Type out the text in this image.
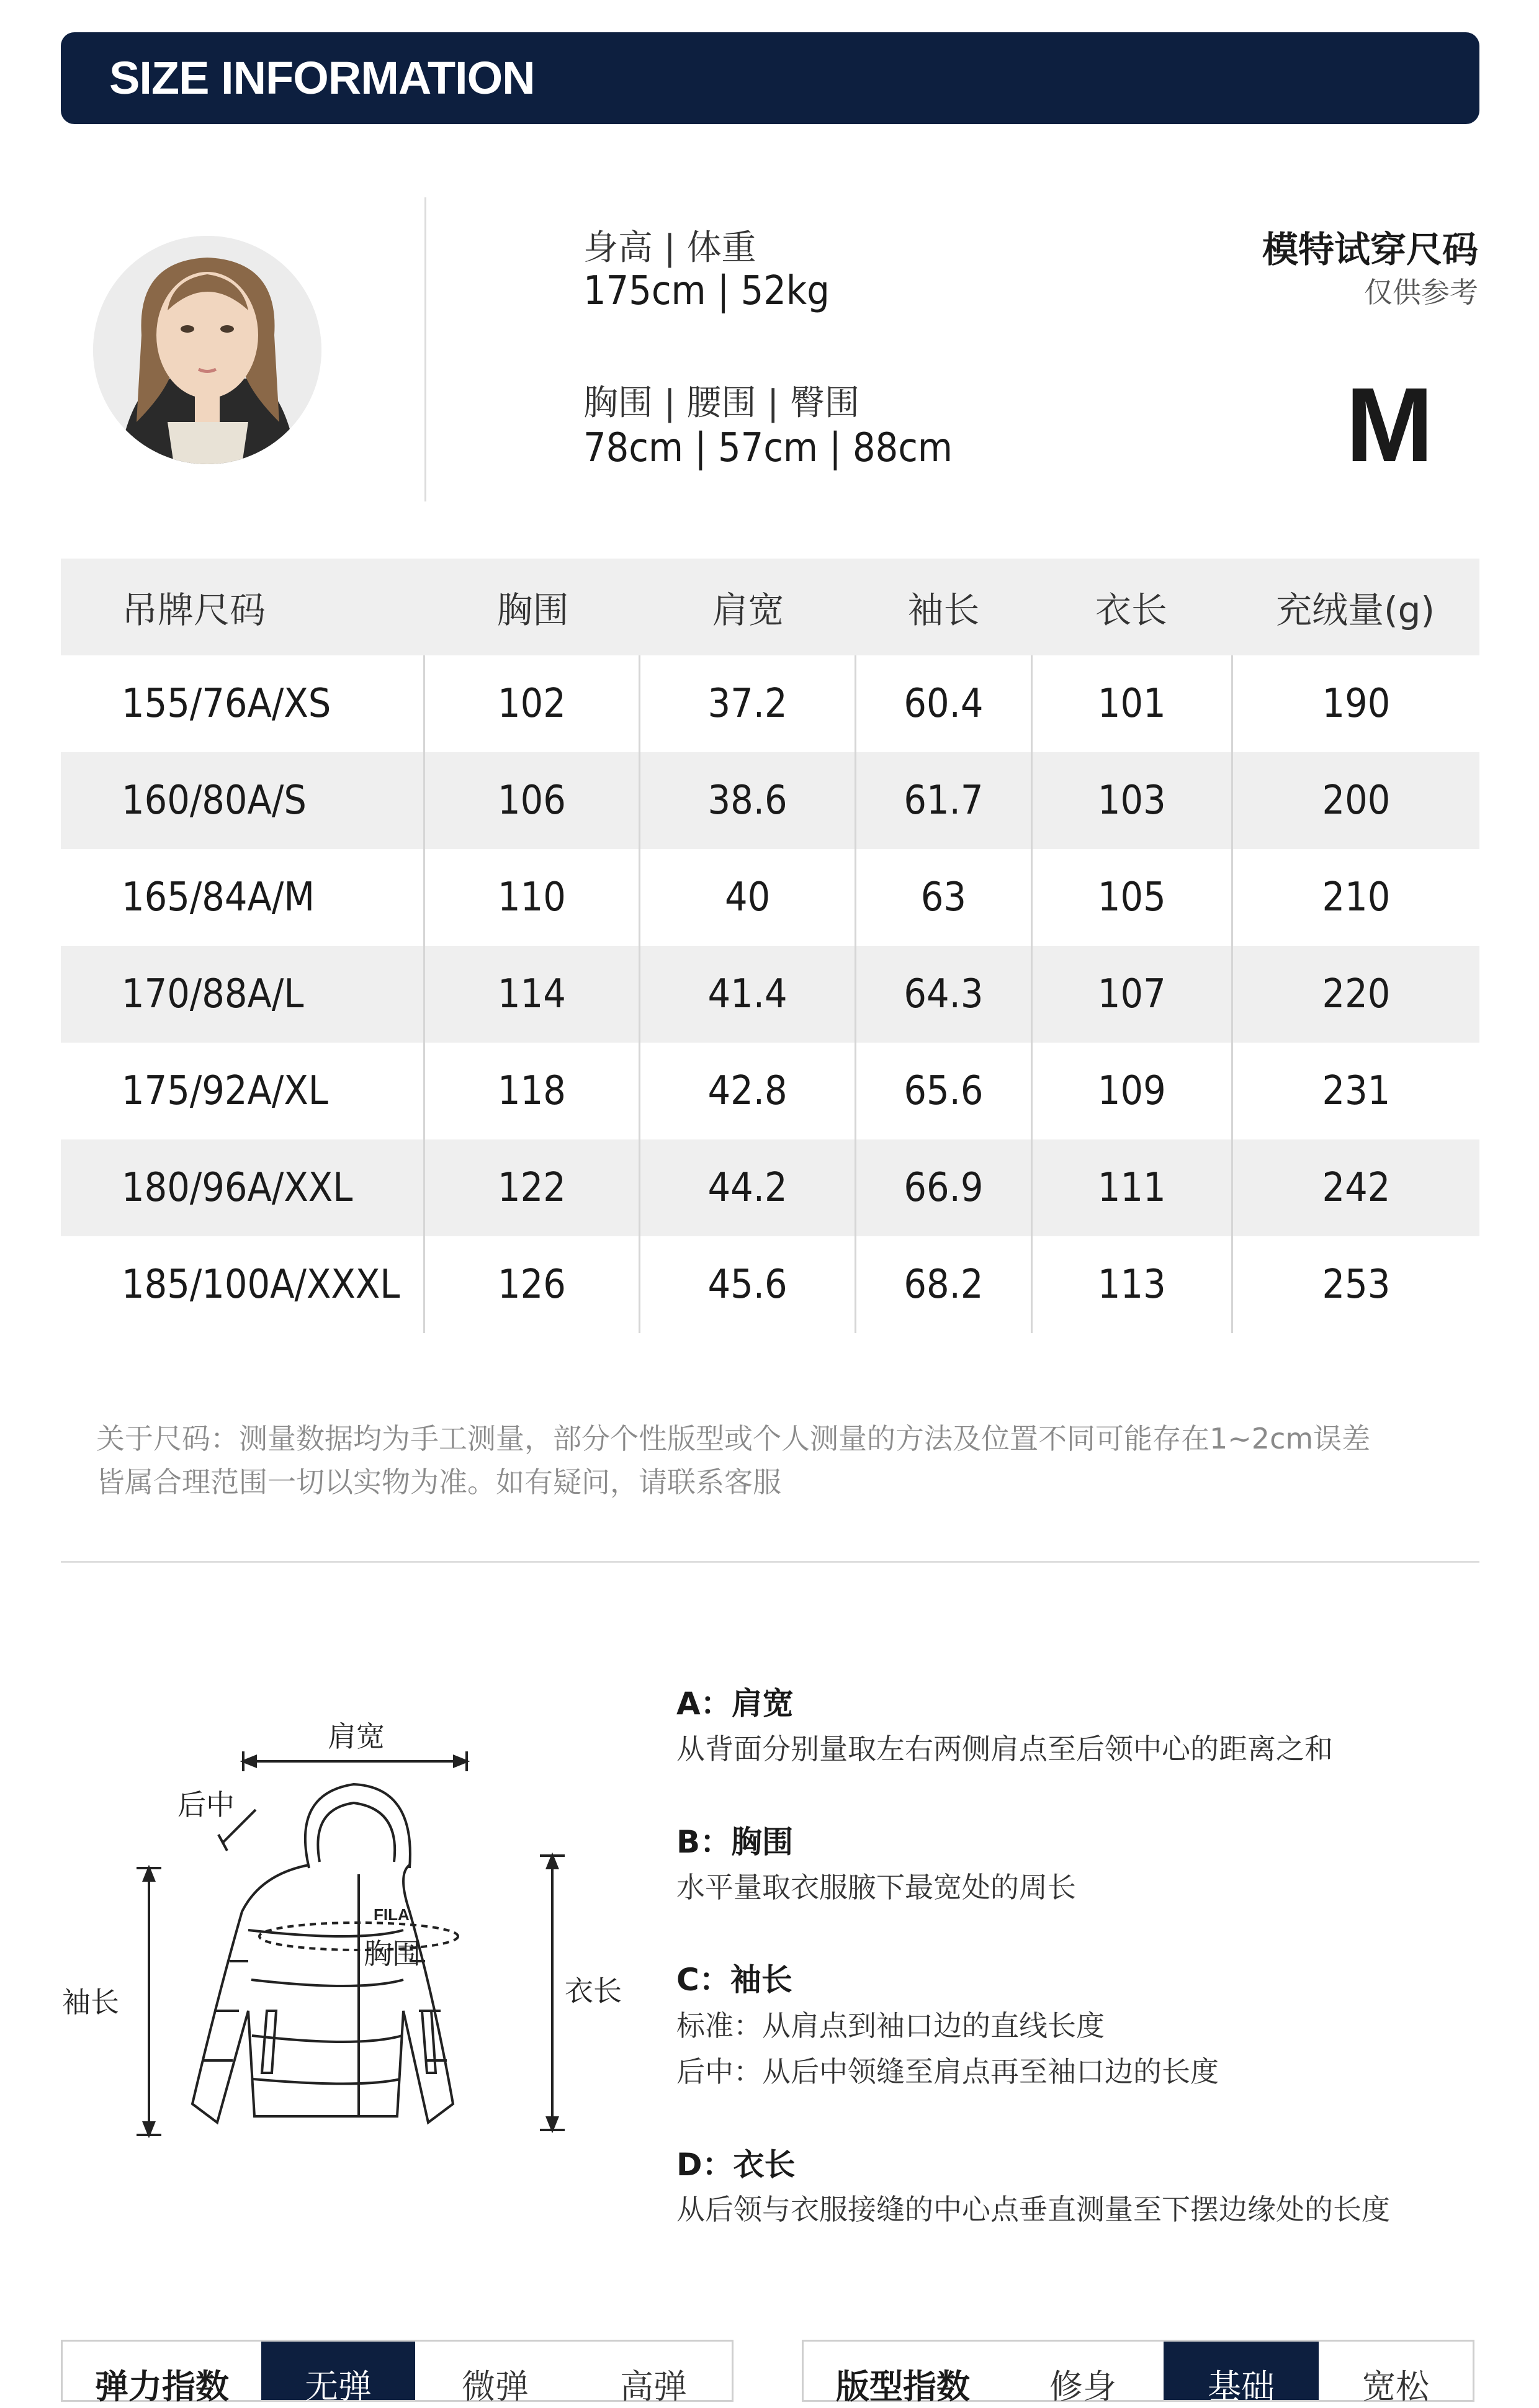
SIZE INFORMATION
身高 | 体重
175cm | 52kg
胸围 | 腰围 | 臀围
78cm | 57cm | 88cm
模特试穿尺码
仅供参考
M
吊牌尺码	胸围	肩宽	袖长	衣长	充绒量(g)
155/76A/XS	102	37.2	60.4	101	190
160/80A/S	106	38.6	61.7	103	200
165/84A/M	110	40	63	105	210
170/88A/L	114	41.4	64.3	107	220
175/92A/XL	118	42.8	65.6	109	231
180/96A/XXL	122	44.2	66.9	111	242
185/100A/XXXL	126	45.6	68.2	113	253
关于尺码：测量数据均为手工测量，部分个性版型或个人测量的方法及位置不同可能存在1~2cm误差
皆属合理范围一切以实物为准。如有疑问，请联系客服
FILA
肩宽
后中
胸围
袖长	衣长
A：肩宽
从背面分别量取左右两侧肩点至后领中心的距离之和
B：胸围
水平量取衣服腋下最宽处的周长
C：袖长
标准：从肩点到袖口边的直线长度
后中：从后中领缝至肩点再至袖口边的长度
D：衣长
从后领与衣服接缝的中心点垂直测量至下摆边缘处的长度
弹力指数	无弹	微弹	高弹	版型指数	修身	基础	宽松
